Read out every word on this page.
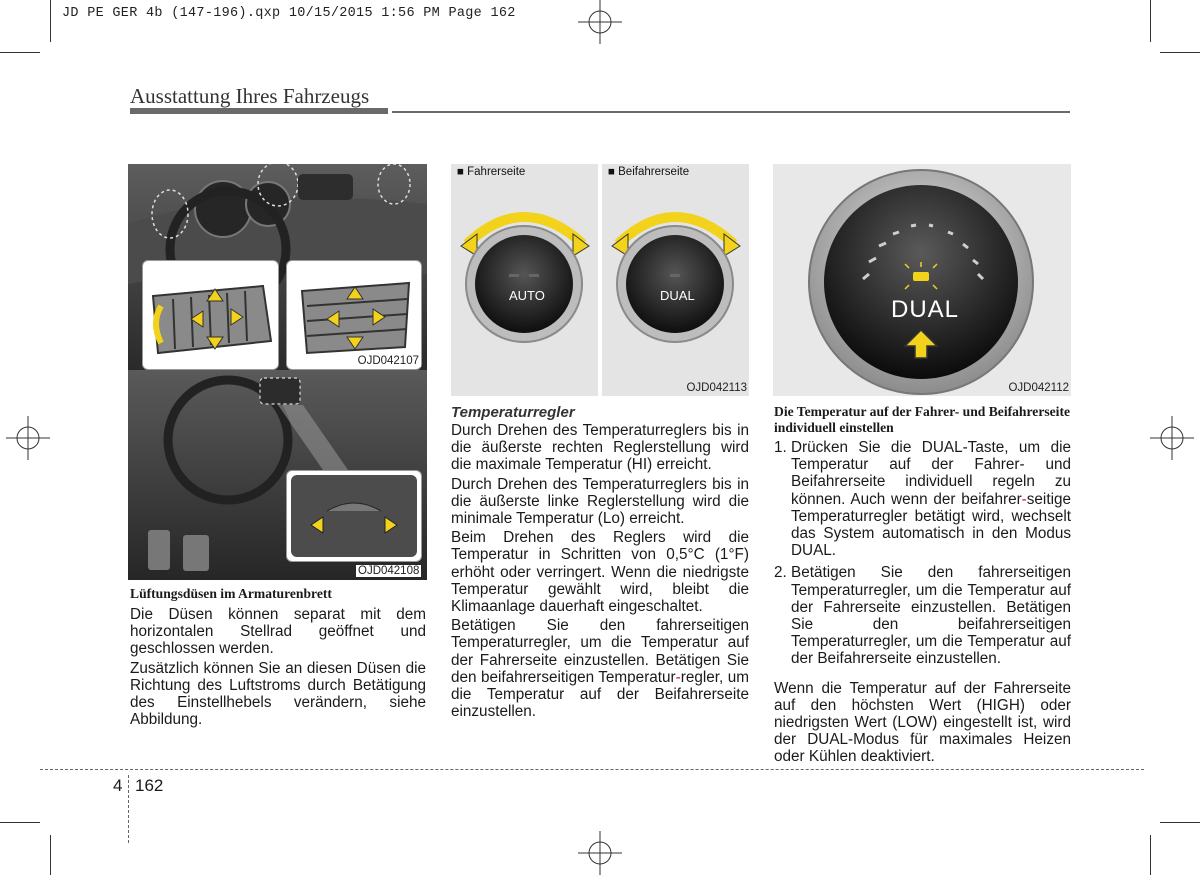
JD PE GER 4b (147-196).qxp 10/15/2015 1:56 PM Page 162
Ausstattung Ihres Fahrzeugs
OJD042107
OJD042108
Lüftungsdüsen im Armaturenbrett

Die Düsen können separat mit dem horizontalen Stellrad geöffnet und geschlossen werden.

Zusätzlich können Sie an diesen Düsen die Richtung des Luftstroms durch Betätigung des Einstellhebels verändern, siehe Abbildung.

■ Fahrerseite
AUTO
■ Beifahrerseite
DUAL
OJD042113
Temperaturregler

Durch Drehen des Temperaturreglers bis in die äußerste rechten Reglerstellung wird die maximale Temperatur (HI) erreicht.

Durch Drehen des Temperaturreglers bis in die äußerste linke Reglerstellung wird die minimale Temperatur (Lo) erreicht.

Beim Drehen des Reglers wird die Temperatur in Schritten von 0,5°C (1°F) erhöht oder verringert. Wenn die niedrigste Temperatur gewählt wird, bleibt die Klimaanlage dauerhaft eingeschaltet.

Betätigen Sie den fahrerseitigen Temperaturregler, um die Temperatur auf der Fahrerseite einzustellen. Betätigen Sie den beifahrerseitigen Temperatur-regler, um die Temperatur auf der Beifahrerseite einzustellen.

DUAL
OJD042112
Die Temperatur auf der Fahrer- und Beifahrerseite individuell einstellen
1. Drücken Sie die DUAL-Taste, um die Temperatur auf der Fahrer- und Beifahrerseite individuell regeln zu können. Auch wenn der beifahrer-seitige Temperaturregler betätigt wird, wechselt das System automatisch in den Modus DUAL.
2. Betätigen Sie den fahrerseitigen Temperaturregler, um die Temperatur auf der Fahrerseite einzustellen. Betätigen Sie den beifahrerseitigen Temperaturregler, um die Temperatur auf der Beifahrerseite einzustellen.

Wenn die Temperatur auf der Fahrerseite auf den höchsten Wert (HIGH) oder niedrigsten Wert (LOW) eingestellt ist, wird der DUAL-Modus für maximales Heizen oder Kühlen deaktiviert.

4 162
